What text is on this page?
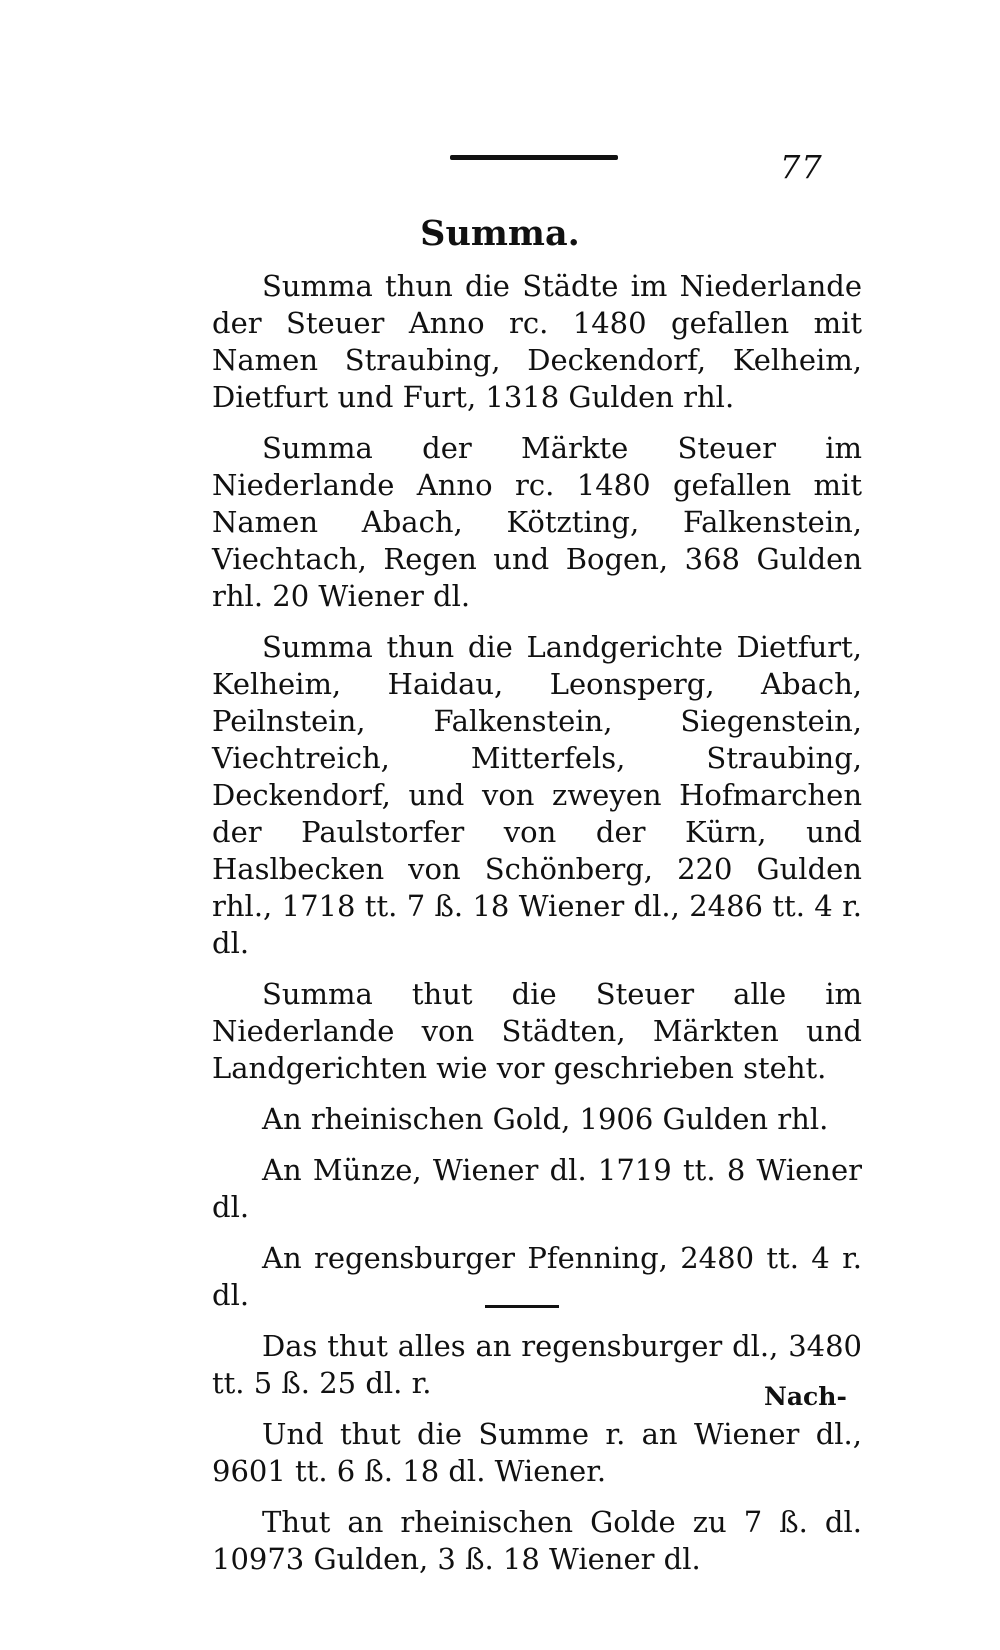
77
Summa.

Summa thun die Städte im Niederlande der Steuer Anno rc. 1480 gefallen mit Namen Straubing, Deckendorf, Kelheim, Dietfurt und Furt, 1318 Gulden rhl.

Summa der Märkte Steuer im Niederlande Anno rc. 1480 gefallen mit Namen Abach, Kötzting, Falkenstein, Viechtach, Regen und Bogen, 368 Gulden rhl. 20 Wiener dl.

Summa thun die Landgerichte Dietfurt, Kelheim, Haidau, Leonsperg, Abach, Peilnstein, Falkenstein, Siegenstein, Viechtreich, Mitterfels, Straubing, Deckendorf, und von zweyen Hofmarchen der Paulstorfer von der Kürn, und Haslbecken von Schönberg, 220 Gulden rhl., 1718 tt. 7 ß. 18 Wiener dl., 2486 tt. 4 r. dl.

Summa thut die Steuer alle im Niederlande von Städten, Märkten und Landgerichten wie vor geschrieben steht.

An rheinischen Gold, 1906 Gulden rhl.

An Münze, Wiener dl. 1719 tt. 8 Wiener dl.

An regensburger Pfenning, 2480 tt. 4 r. dl.

Das thut alles an regensburger dl., 3480 tt. 5 ß. 25 dl. r.

Und thut die Summe r. an Wiener dl., 9601 tt. 6 ß. 18 dl. Wiener.

Thut an rheinischen Golde zu 7 ß. dl. 10973 Gulden, 3 ß. 18 Wiener dl.

Nach-
